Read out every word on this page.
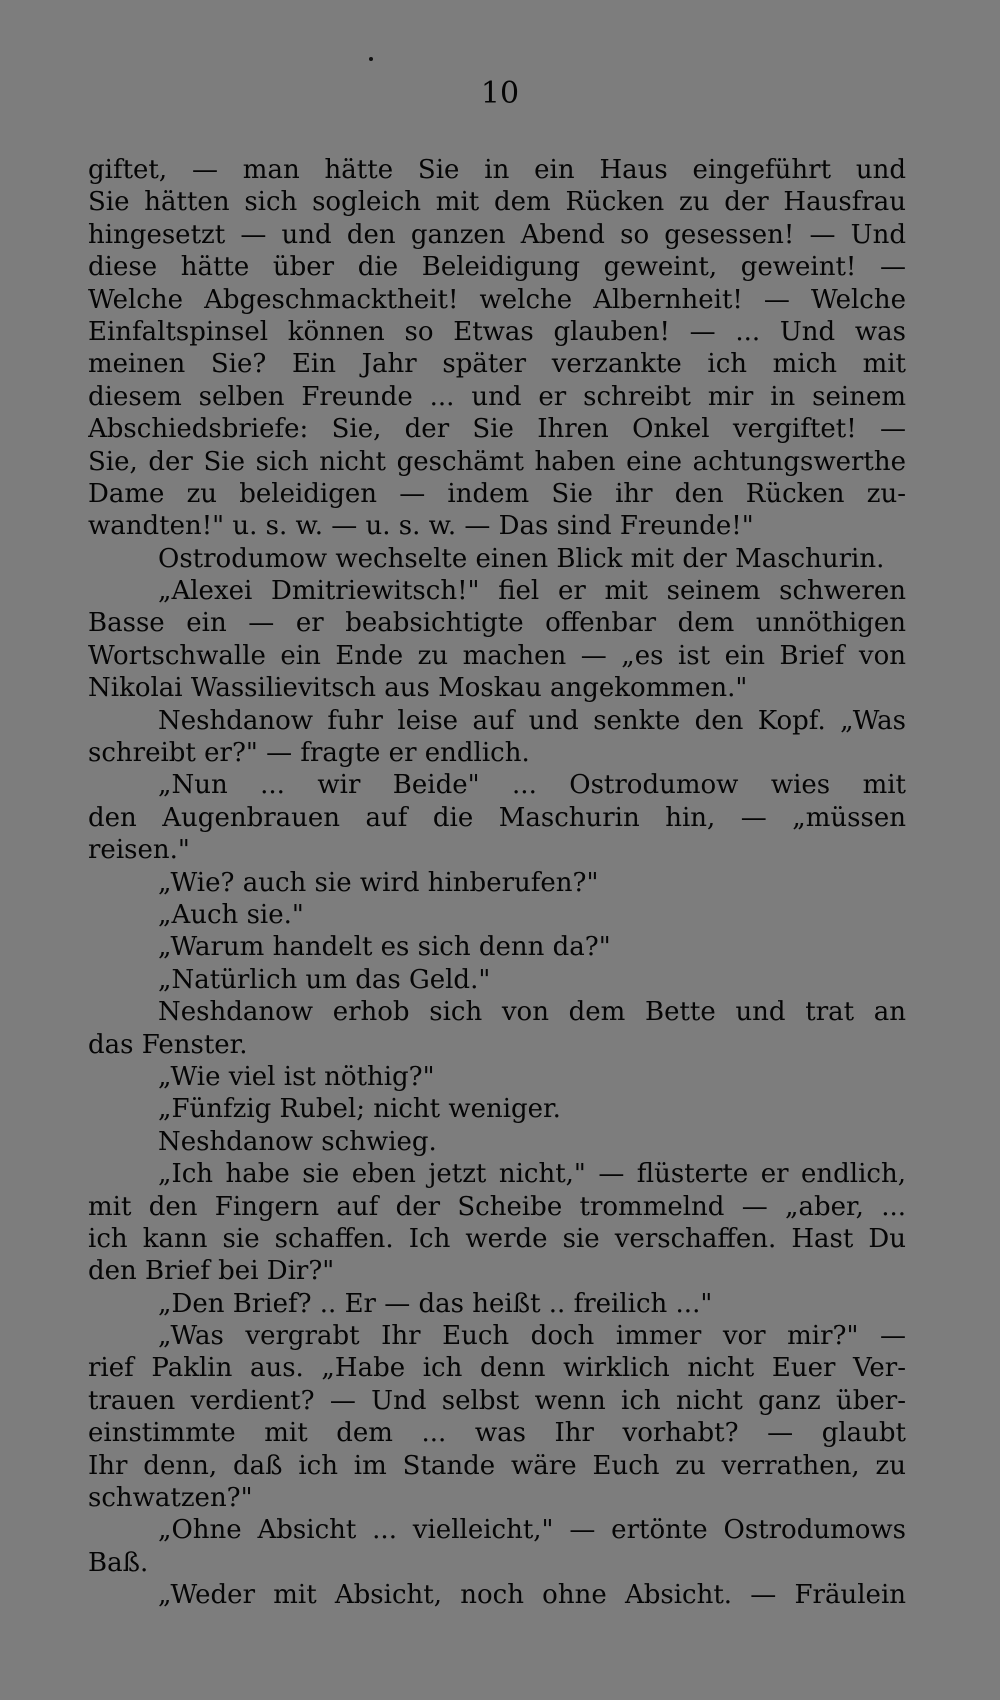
10
giftet, — man hätte Sie in ein Haus eingeführt und
Sie hätten sich sogleich mit dem Rücken zu der Hausfrau
hingesetzt — und den ganzen Abend so gesessen! — Und
diese hätte über die Beleidigung geweint, geweint! —
Welche Abgeschmacktheit! welche Albernheit! — Welche
Einfaltspinsel können so Etwas glauben! — ... Und was
meinen Sie? Ein Jahr später verzankte ich mich mit
diesem selben Freunde ... und er schreibt mir in seinem
Abschiedsbriefe: Sie, der Sie Ihren Onkel vergiftet! —
Sie, der Sie sich nicht geschämt haben eine achtungswerthe
Dame zu beleidigen — indem Sie ihr den Rücken zu-
wandten!" u. s. w. — u. s. w. — Das sind Freunde!"
Ostrodumow wechselte einen Blick mit der Maschurin.
„Alexei Dmitriewitsch!" fiel er mit seinem schweren
Basse ein — er beabsichtigte offenbar dem unnöthigen
Wortschwalle ein Ende zu machen — „es ist ein Brief von
Nikolai Wassilievitsch aus Moskau angekommen."
Neshdanow fuhr leise auf und senkte den Kopf. „Was
schreibt er?" — fragte er endlich.
„Nun ... wir Beide" ... Ostrodumow wies mit
den Augenbrauen auf die Maschurin hin, — „müssen
reisen."
„Wie? auch sie wird hinberufen?"
„Auch sie."
„Warum handelt es sich denn da?"
„Natürlich um das Geld."
Neshdanow erhob sich von dem Bette und trat an
das Fenster.
„Wie viel ist nöthig?"
„Fünfzig Rubel; nicht weniger.
Neshdanow schwieg.
„Ich habe sie eben jetzt nicht," — flüsterte er endlich,
mit den Fingern auf der Scheibe trommelnd — „aber, ...
ich kann sie schaffen. Ich werde sie verschaffen. Hast Du
den Brief bei Dir?"
„Den Brief? .. Er — das heißt .. freilich ..."
„Was vergrabt Ihr Euch doch immer vor mir?" —
rief Paklin aus. „Habe ich denn wirklich nicht Euer Ver-
trauen verdient? — Und selbst wenn ich nicht ganz über-
einstimmte mit dem ... was Ihr vorhabt? — glaubt
Ihr denn, daß ich im Stande wäre Euch zu verrathen, zu
schwatzen?"
„Ohne Absicht ... vielleicht," — ertönte Ostrodumows
Baß.
„Weder mit Absicht, noch ohne Absicht. — Fräulein
